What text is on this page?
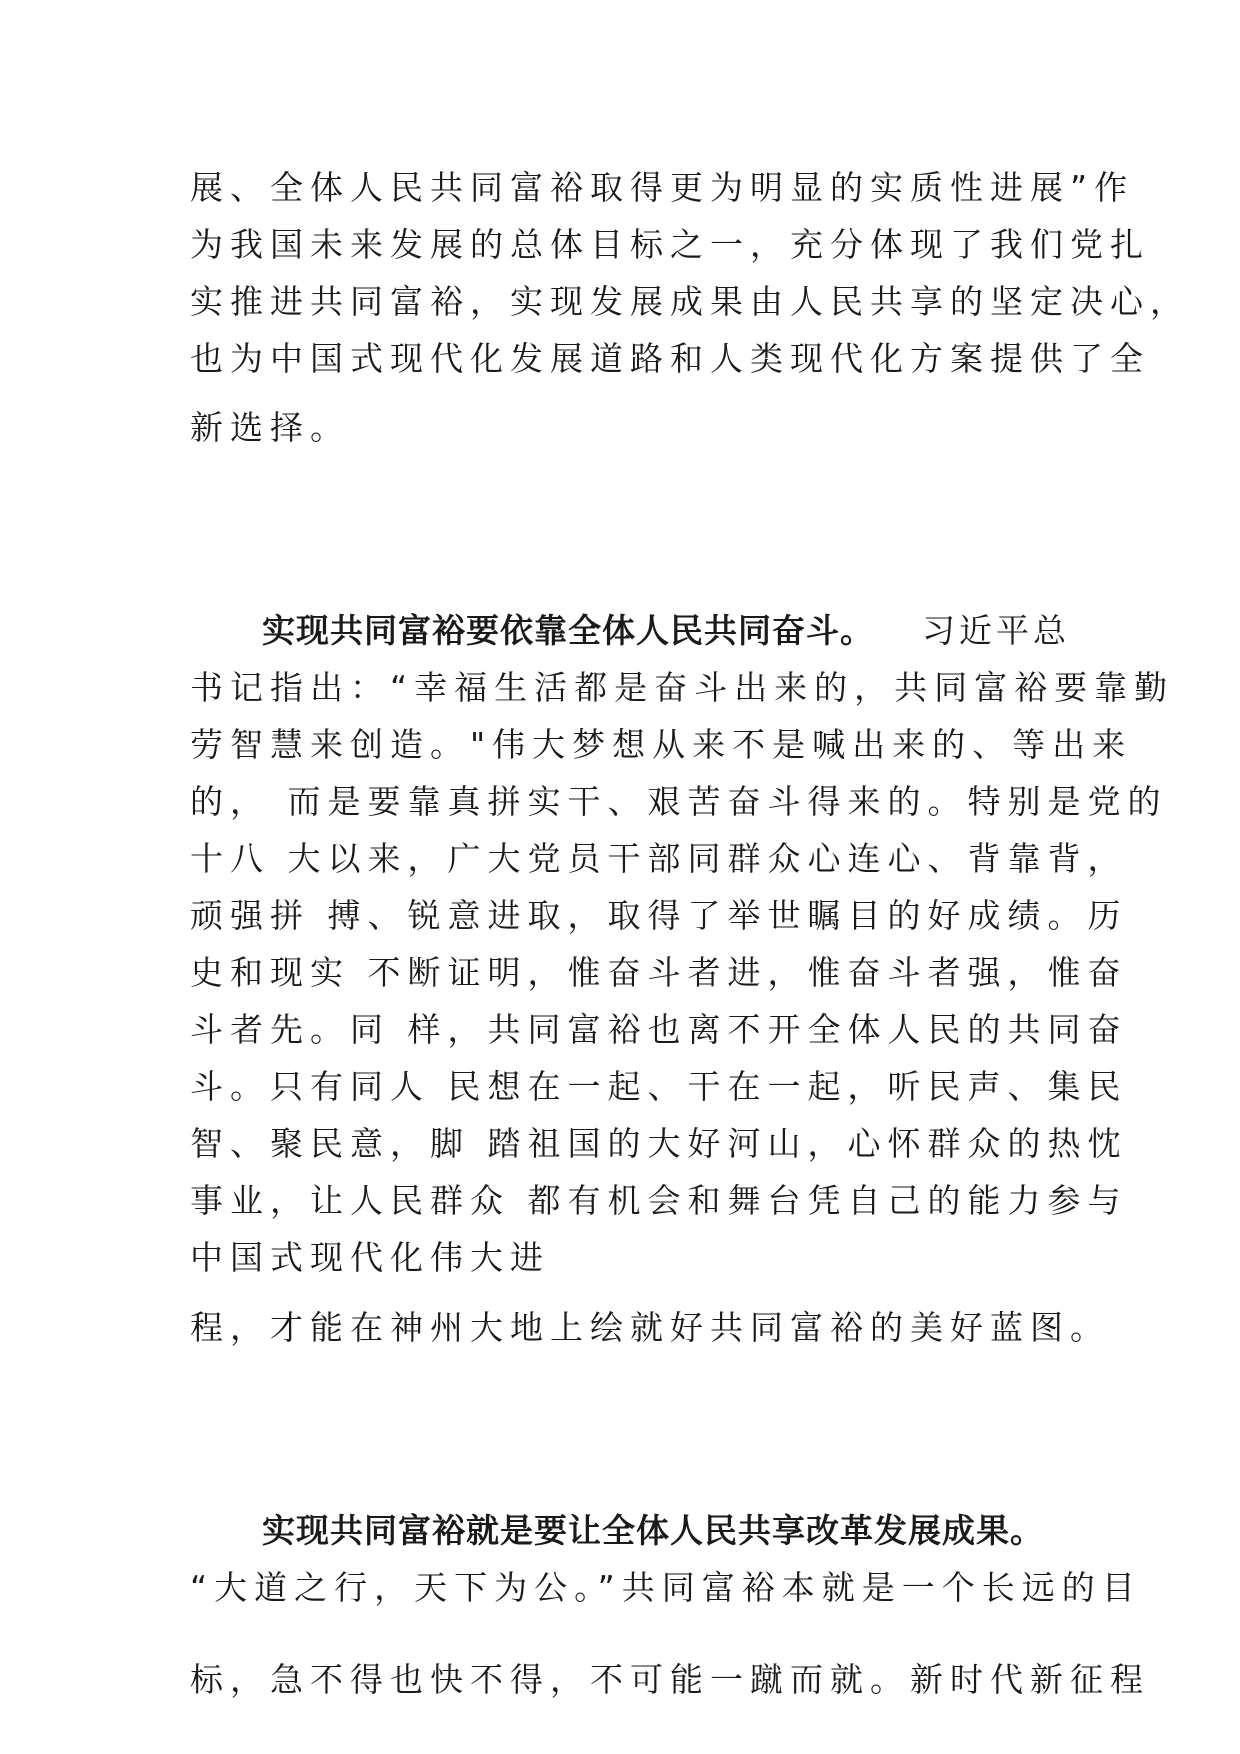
展、全体人民共同富裕取得更为明显的实质性进展”作
为我国未来发展的总体目标之一，充分体现了我们党扎
实推进共同富裕，实现发展成果由人民共享的坚定决心，
也为中国式现代化发展道路和人类现代化方案提供了全
新选择。
实现共同富裕要依靠全体人民共同奋斗。 习近平总
书记指出：“幸福生活都是奋斗出来的，共同富裕要靠勤
劳智慧来创造。"伟大梦想从来不是喊出来的、等出来
的， 而是要靠真拼实干、艰苦奋斗得来的。特别是党的
十八 大以来，广大党员干部同群众心连心、背靠背，
顽强拼 搏、锐意进取，取得了举世瞩目的好成绩。历
史和现实 不断证明，惟奋斗者进，惟奋斗者强，惟奋
斗者先。同 样，共同富裕也离不开全体人民的共同奋
斗。只有同人 民想在一起、干在一起，听民声、集民
智、聚民意，脚 踏祖国的大好河山，心怀群众的热忱
事业，让人民群众 都有机会和舞台凭自己的能力参与
中国式现代化伟大进
程，才能在神州大地上绘就好共同富裕的美好蓝图。
实现共同富裕就是要让全体人民共享改革发展成果。
“大道之行，天下为公。”共同富裕本就是一个长远的目
标，急不得也快不得，不可能一蹴而就。新时代新征程
